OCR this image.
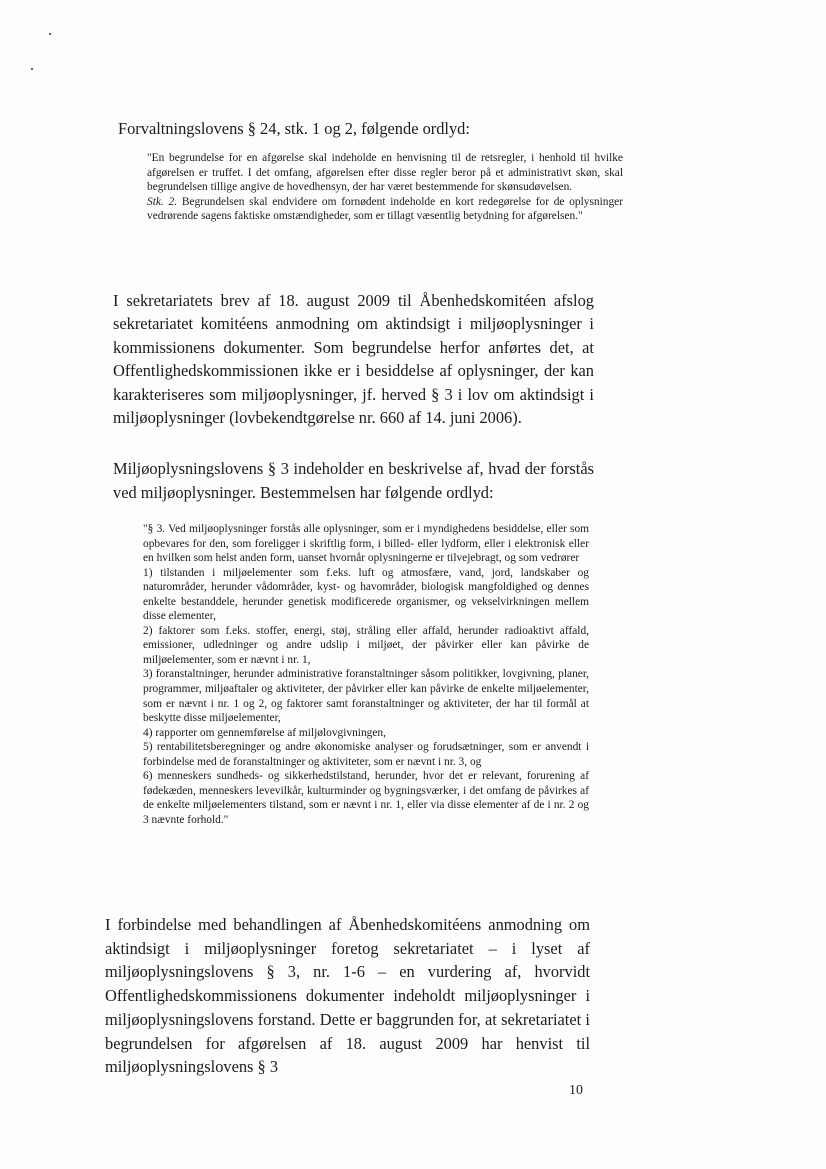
Forvaltningslovens § 24, stk. 1 og 2, følgende ordlyd:

"En begrundelse for en afgørelse skal indeholde en henvisning til de retsregler, i henhold til hvilke afgørelsen er truffet. I det omfang, afgørelsen efter disse regler beror på et administrativt skøn, skal begrundelsen tillige angive de hovedhensyn, der har været bestemmende for skønsudøvelsen.
Stk. 2. Begrundelsen skal endvidere om fornødent indeholde en kort redegørelse for de oplysninger vedrørende sagens faktiske omstændigheder, som er tillagt væsentlig betydning for afgørelsen."

I sekretariatets brev af 18. august 2009 til Åbenhedskomitéen afslog sekretariatet komitéens anmodning om aktindsigt i miljøoplysninger i kommissionens dokumenter. Som begrundelse herfor anførtes det, at Offentlighedskommissionen ikke er i besiddelse af oplysninger, der kan karakteriseres som miljøoplysninger, jf. herved § 3 i lov om aktindsigt i miljøoplysninger (lovbekendtgørelse nr. 660 af 14. juni 2006).

Miljøoplysningslovens § 3 indeholder en beskrivelse af, hvad der forstås ved miljøoplysninger. Bestemmelsen har følgende ordlyd:

"§ 3. Ved miljøoplysninger forstås alle oplysninger, som er i myndighedens besiddelse, eller som opbevares for den, som foreligger i skriftlig form, i billed- eller lydform, eller i elektronisk eller en hvilken som helst anden form, uanset hvornår oplysningerne er tilvejebragt, og som vedrører
1) tilstanden i miljøelementer som f.eks. luft og atmosfære, vand, jord, landskaber og naturområder, herunder vådområder, kyst- og havområder, biologisk mangfoldighed og dennes enkelte bestanddele, herunder genetisk modificerede organismer, og vekselvirkningen mellem disse elementer,
2) faktorer som f.eks. stoffer, energi, støj, stråling eller affald, herunder radioaktivt affald, emissioner, udledninger og andre udslip i miljøet, der påvirker eller kan påvirke de miljøelementer, som er nævnt i nr. 1,
3) foranstaltninger, herunder administrative foranstaltninger såsom politikker, lovgivning, planer, programmer, miljøaftaler og aktiviteter, der påvirker eller kan påvirke de enkelte miljøelementer, som er nævnt i nr. 1 og 2, og faktorer samt foranstaltninger og aktiviteter, der har til formål at beskytte disse miljøelementer,
4) rapporter om gennemførelse af miljølovgivningen,
5) rentabilitetsberegninger og andre økonomiske analyser og forudsætninger, som er anvendt i forbindelse med de foranstaltninger og aktiviteter, som er nævnt i nr. 3, og
6) menneskers sundheds- og sikkerhedstilstand, herunder, hvor det er relevant, forurening af fødekæden, menneskers levevilkår, kulturminder og bygningsværker, i det omfang de påvirkes af de enkelte miljøelementers tilstand, som er nævnt i nr. 1, eller via disse elementer af de i nr. 2 og 3 nævnte forhold."

I forbindelse med behandlingen af Åbenhedskomitéens anmodning om aktindsigt i miljøoplysninger foretog sekretariatet – i lyset af miljøoplysningslovens § 3, nr. 1-6 – en vurdering af, hvorvidt Offentlighedskommissionens dokumenter indeholdt miljøoplysninger i miljøoplysningslovens forstand. Dette er baggrunden for, at sekretariatet i begrundelsen for afgørelsen af 18. august 2009 har henvist til miljøoplysningslovens § 3

10
